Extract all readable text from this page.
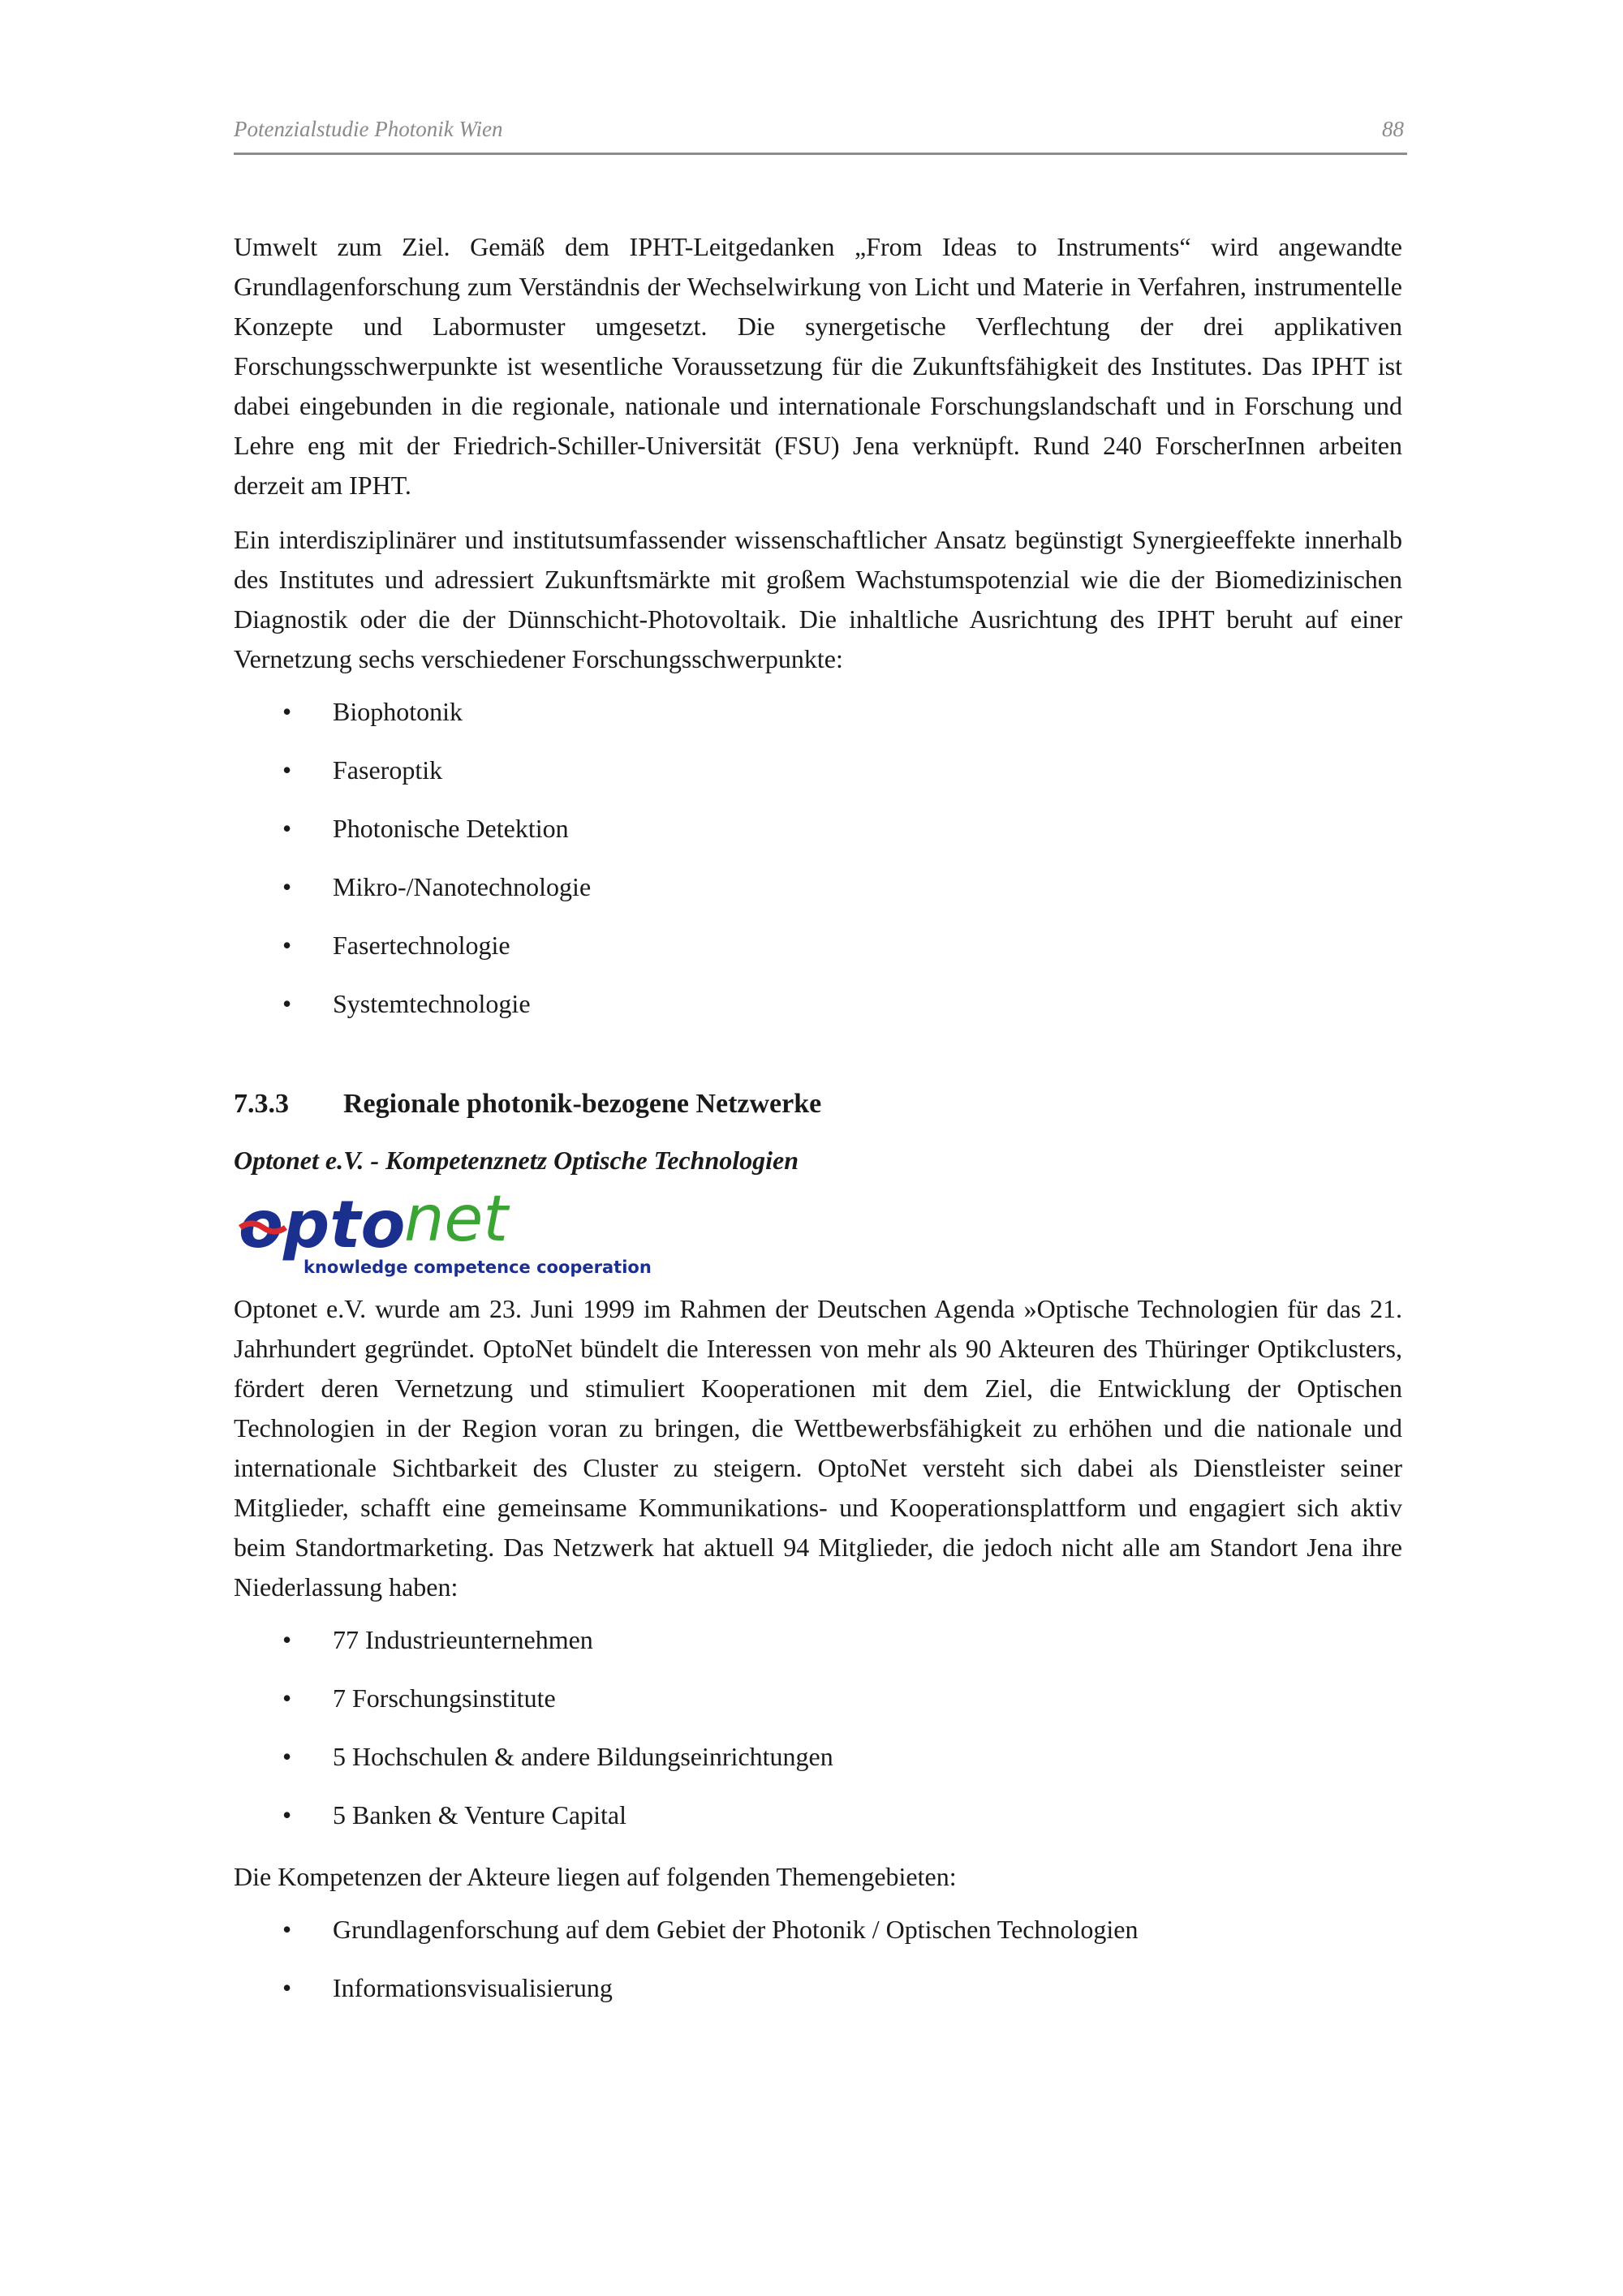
Potenzialstudie Photonik Wien	88

Umwelt zum Ziel. Gemäß dem IPHT-Leitgedanken „From Ideas to Instruments“ wird angewandte Grundlagenforschung zum Verständnis der Wechselwirkung von Licht und Materie in Verfahren, instrumentelle Konzepte und Labormuster umgesetzt. Die synergetische Verflechtung der drei applikativen Forschungsschwerpunkte ist wesentliche Voraussetzung für die Zukunftsfähigkeit des Institutes. Das IPHT ist dabei eingebunden in die regionale, nationale und internationale Forschungslandschaft und in Forschung und Lehre eng mit der Friedrich-Schiller-Universität (FSU) Jena verknüpft. Rund 240 ForscherInnen arbeiten derzeit am IPHT.

Ein interdisziplinärer und institutsumfassender wissenschaftlicher Ansatz begünstigt Synergieeffekte innerhalb des Institutes und adressiert Zukunftsmärkte mit großem Wachstumspotenzial wie die der Biomedizinischen Diagnostik oder die der Dünnschicht-Photovoltaik. Die inhaltliche Ausrichtung des IPHT beruht auf einer Vernetzung sechs verschiedener Forschungsschwerpunkte:

• Biophotonik
• Faseroptik
• Photonische Detektion
• Mikro-/Nanotechnologie
• Fasertechnologie
• Systemtechnologie
7.3.3 Regionale photonik-bezogene Netzwerke
Optonet e.V. - Kompetenznetz Optische Technologien
opto
net
knowledge competence cooperation

Optonet e.V. wurde am 23. Juni 1999 im Rahmen der Deutschen Agenda »Optische Technologien für das 21. Jahrhundert gegründet. OptoNet bündelt die Interessen von mehr als 90 Akteuren des Thüringer Optikclusters, fördert deren Vernetzung und stimuliert Kooperationen mit dem Ziel, die Entwicklung der Optischen Technologien in der Region voran zu bringen, die Wettbewerbsfähigkeit zu erhöhen und die nationale und internationale Sichtbarkeit des Cluster zu steigern. OptoNet versteht sich dabei als Dienstleister seiner Mitglieder, schafft eine gemeinsame Kommunikations- und Kooperationsplattform und engagiert sich aktiv beim Standortmarketing. Das Netzwerk hat aktuell 94 Mitglieder, die jedoch nicht alle am Standort Jena ihre Niederlassung haben:

• 77 Industrieunternehmen
• 7 Forschungsinstitute
• 5 Hochschulen & andere Bildungseinrichtungen
• 5 Banken & Venture Capital

Die Kompetenzen der Akteure liegen auf folgenden Themengebieten:

• Grundlagenforschung auf dem Gebiet der Photonik / Optischen Technologien
• Informationsvisualisierung
